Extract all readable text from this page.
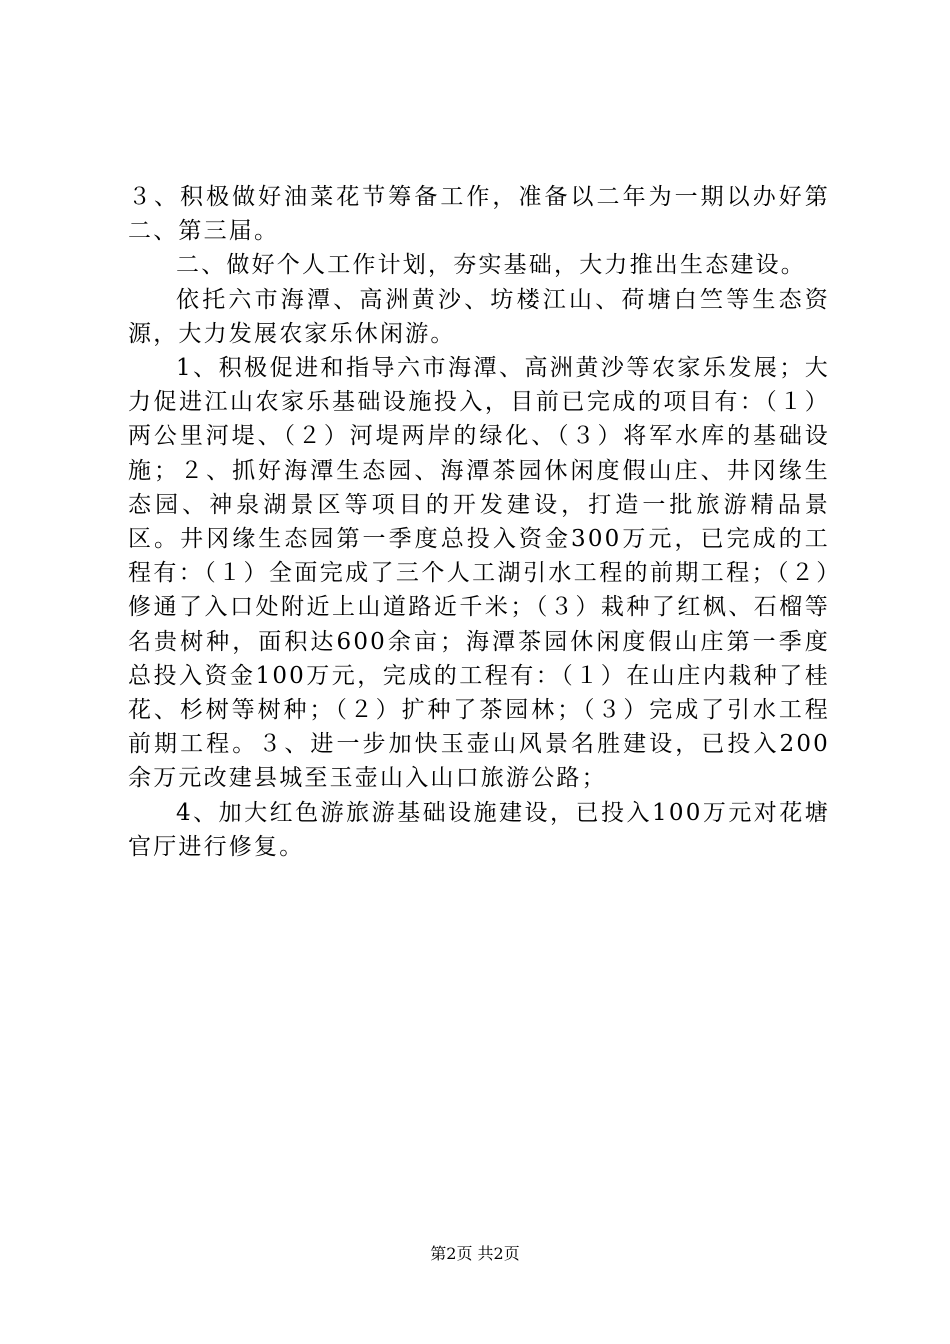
３、积极做好油菜花节筹备工作，准备以二年为一期以办好第二、第三届。

二、做好个人工作计划，夯实基础，大力推出生态建设。

依托六市海潭、高洲黄沙、坊楼江山、荷塘白竺等生态资源，大力发展农家乐休闲游。

1、积极促进和指导六市海潭、高洲黄沙等农家乐发展；大力促进江山农家乐基础设施投入，目前已完成的项目有：（１）两公里河堤、（２）河堤两岸的绿化、（３）将军水库的基础设施；２、抓好海潭生态园、海潭茶园休闲度假山庄、井冈缘生态园、神泉湖景区等项目的开发建设，打造一批旅游精品景区。井冈缘生态园第一季度总投入资金300万元，已完成的工程有：（１）全面完成了三个人工湖引水工程的前期工程；（２）修通了入口处附近上山道路近千米；（３）栽种了红枫、石榴等名贵树种，面积达600余亩；海潭茶园休闲度假山庄第一季度总投入资金100万元，完成的工程有：（１）在山庄内栽种了桂花、杉树等树种；（２）扩种了茶园林；（３）完成了引水工程前期工程。３、进一步加快玉壶山风景名胜建设，已投入200余万元改建县城至玉壶山入山口旅游公路；

4、加大红色游旅游基础设施建设，已投入100万元对花塘官厅进行修复。

第2页 共2页
